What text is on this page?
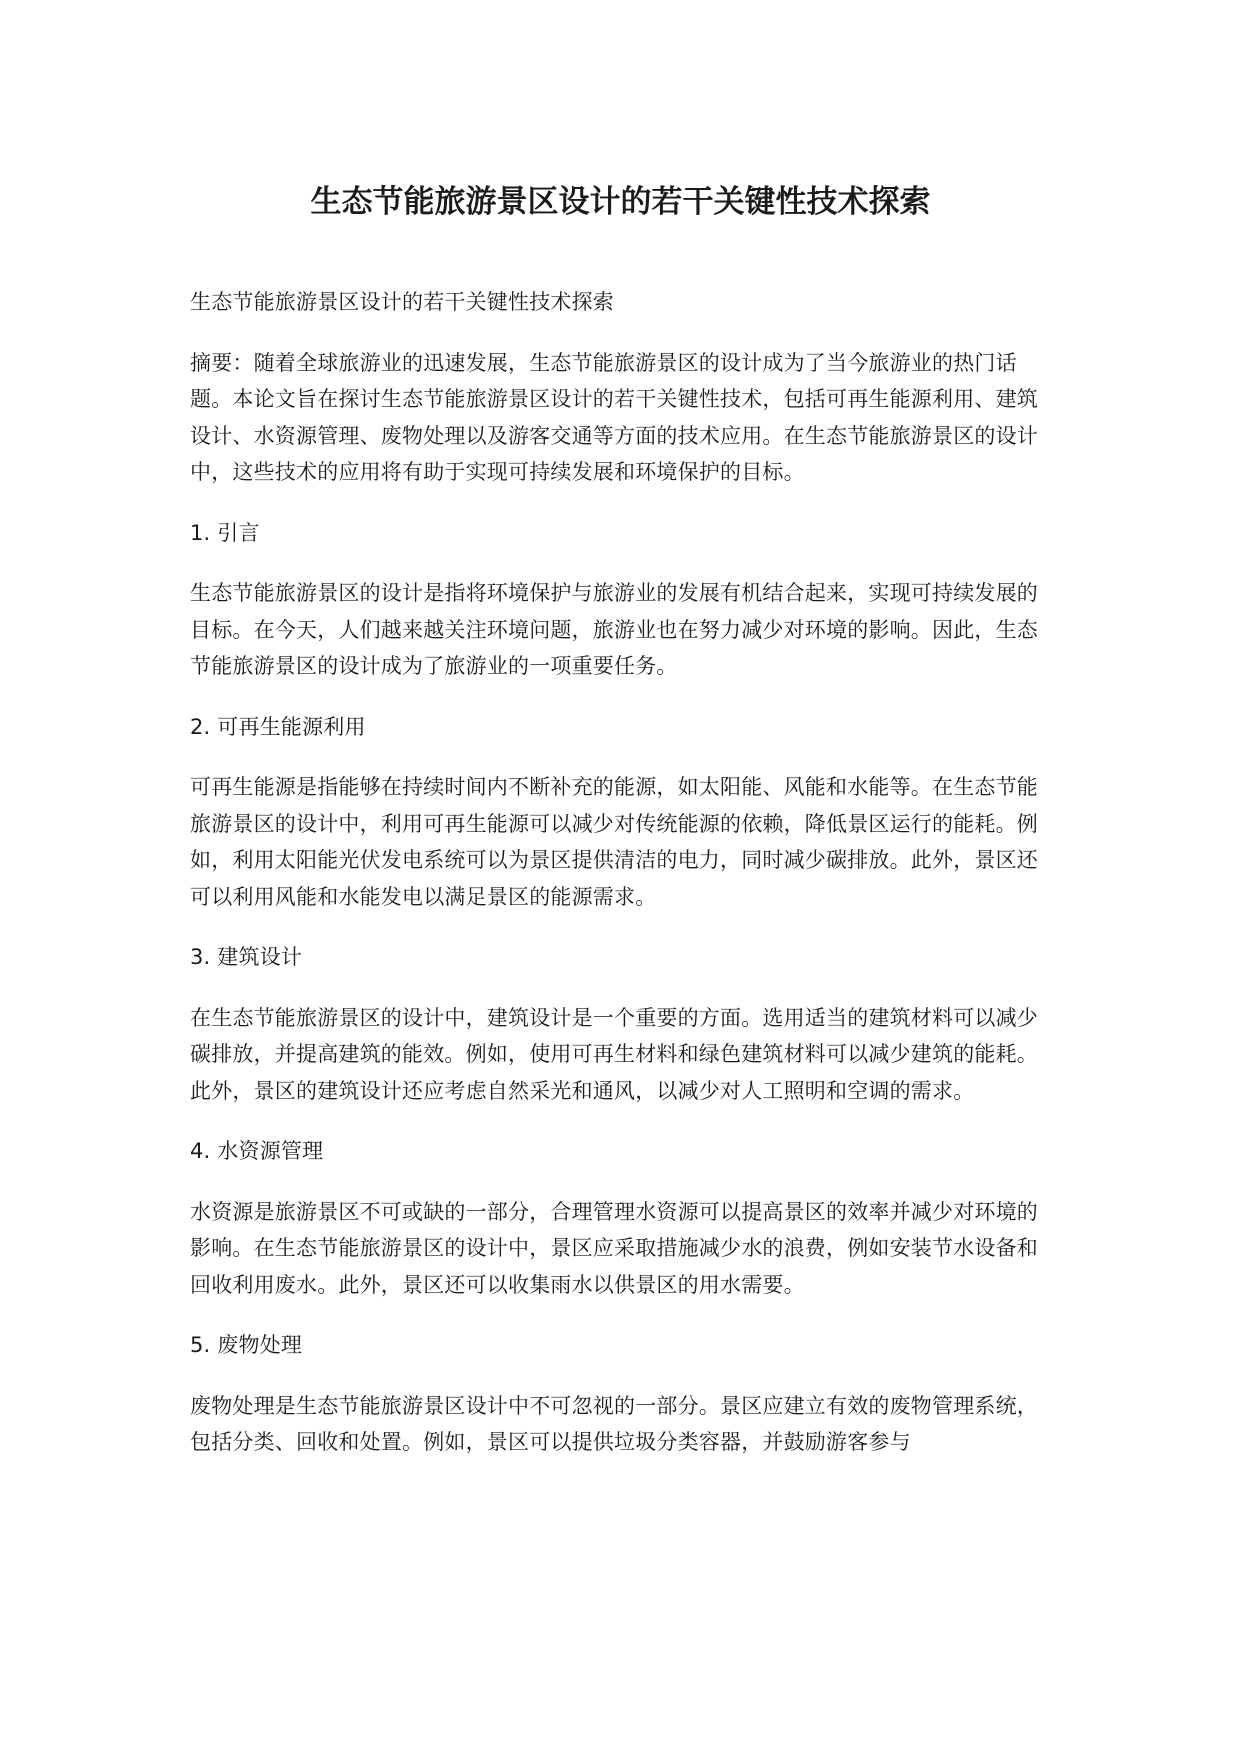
生态节能旅游景区设计的若干关键性技术探索

生态节能旅游景区设计的若干关键性技术探索

摘要：随着全球旅游业的迅速发展，生态节能旅游景区的设计成为了当今旅游业的热门话题。本论文旨在探讨生态节能旅游景区设计的若干关键性技术，包括可再生能源利用、建筑设计、水资源管理、废物处理以及游客交通等方面的技术应用。在生态节能旅游景区的设计中，这些技术的应用将有助于实现可持续发展和环境保护的目标。

1. 引言

生态节能旅游景区的设计是指将环境保护与旅游业的发展有机结合起来，实现可持续发展的目标。在今天，人们越来越关注环境问题，旅游业也在努力减少对环境的影响。因此，生态节能旅游景区的设计成为了旅游业的一项重要任务。

2. 可再生能源利用

可再生能源是指能够在持续时间内不断补充的能源，如太阳能、风能和水能等。在生态节能旅游景区的设计中，利用可再生能源可以减少对传统能源的依赖，降低景区运行的能耗。例如，利用太阳能光伏发电系统可以为景区提供清洁的电力，同时减少碳排放。此外，景区还可以利用风能和水能发电以满足景区的能源需求。

3. 建筑设计

在生态节能旅游景区的设计中，建筑设计是一个重要的方面。选用适当的建筑材料可以减少碳排放，并提高建筑的能效。例如，使用可再生材料和绿色建筑材料可以减少建筑的能耗。此外，景区的建筑设计还应考虑自然采光和通风，以减少对人工照明和空调的需求。

4. 水资源管理

水资源是旅游景区不可或缺的一部分，合理管理水资源可以提高景区的效率并减少对环境的影响。在生态节能旅游景区的设计中，景区应采取措施减少水的浪费，例如安装节水设备和回收利用废水。此外，景区还可以收集雨水以供景区的用水需要。

5. 废物处理

废物处理是生态节能旅游景区设计中不可忽视的一部分。景区应建立有效的废物管理系统，包括分类、回收和处置。例如，景区可以提供垃圾分类容器，并鼓励游客参与
